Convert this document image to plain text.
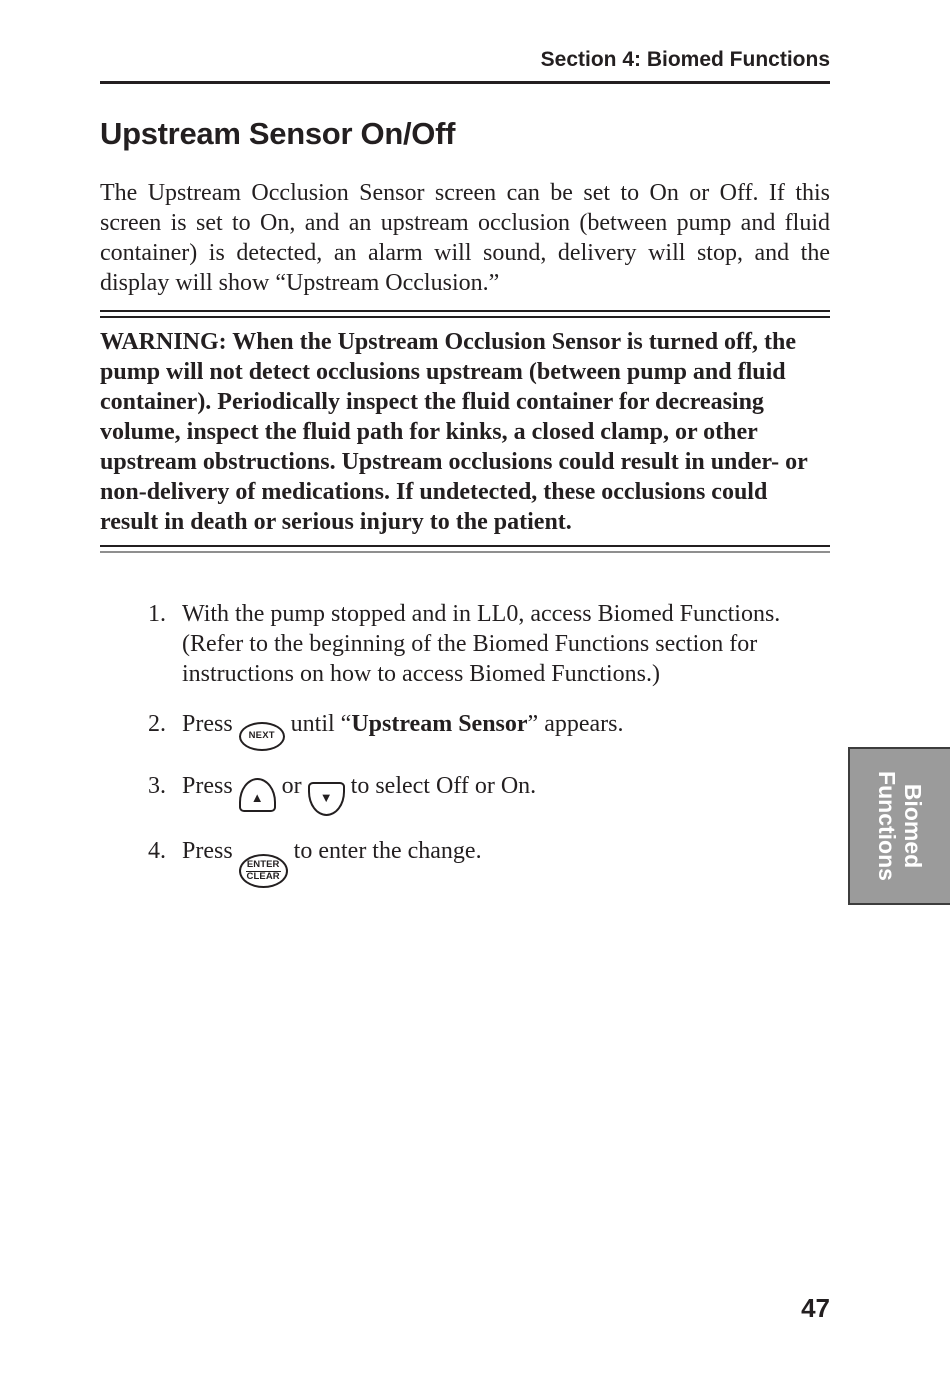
Section 4: Biomed Functions
Upstream Sensor On/Off

The Upstream Occlusion Sensor screen can be set to On or Off. If this screen is set to On, and an upstream occlusion (between pump and fluid container) is detected, an alarm will sound, delivery will stop, and the display will show “Upstream Occlusion.”

WARNING: When the Upstream Occlusion Sensor is turned off, the pump will not detect occlusions upstream (between pump and fluid container). Periodically inspect the fluid container for decreasing volume, inspect the fluid path for kinks, a closed clamp, or other upstream obstructions. Upstream occlusions could result in under- or non-delivery of medications. If undetected, these occlusions could result in death or serious injury to the patient.

1. With the pump stopped and in LL0, access Biomed Functions. (Refer to the beginning of the Biomed Functions section for instructions on how to access Biomed Functions.)
2. Press NEXT until “Upstream Sensor” appears.
3. Press ▲ or ▼ to select Off or On.
4. Press
ENTER
CLEAR
to enter the change.	Biomed
Functions
47
